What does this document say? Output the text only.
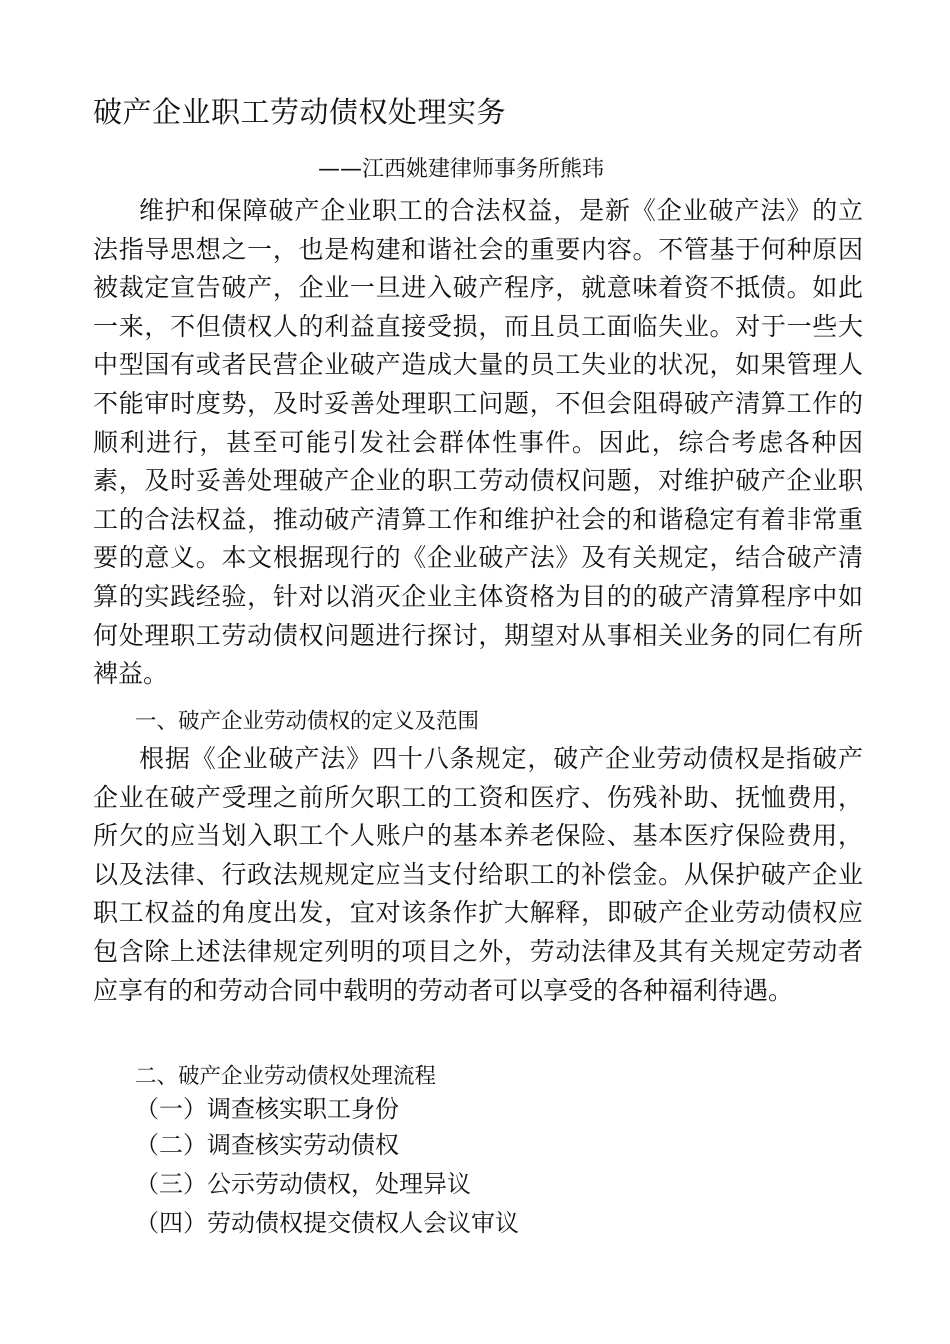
破产企业职工劳动债权处理实务
——江西姚建律师事务所熊玮

维护和保障破产企业职工的合法权益，是新《企业破产法》的立法指导思想之一，也是构建和谐社会的重要内容。不管基于何种原因被裁定宣告破产，企业一旦进入破产程序，就意味着资不抵债。如此一来，不但债权人的利益直接受损，而且员工面临失业。对于一些大中型国有或者民营企业破产造成大量的员工失业的状况，如果管理人不能审时度势，及时妥善处理职工问题，不但会阻碍破产清算工作的顺利进行，甚至可能引发社会群体性事件。因此，综合考虑各种因素，及时妥善处理破产企业的职工劳动债权问题，对维护破产企业职工的合法权益，推动破产清算工作和维护社会的和谐稳定有着非常重要的意义。本文根据现行的《企业破产法》及有关规定，结合破产清算的实践经验，针对以消灭企业主体资格为目的的破产清算程序中如何处理职工劳动债权问题进行探讨，期望对从事相关业务的同仁有所裨益。

一、破产企业劳动债权的定义及范围

根据《企业破产法》四十八条规定，破产企业劳动债权是指破产企业在破产受理之前所欠职工的工资和医疗、伤残补助、抚恤费用，所欠的应当划入职工个人账户的基本养老保险、基本医疗保险费用，以及法律、行政法规规定应当支付给职工的补偿金。从保护破产企业职工权益的角度出发，宜对该条作扩大解释，即破产企业劳动债权应包含除上述法律规定列明的项目之外，劳动法律及其有关规定劳动者应享有的和劳动合同中载明的劳动者可以享受的各种福利待遇。

二、破产企业劳动债权处理流程
（一）调查核实职工身份
（二）调查核实劳动债权
（三）公示劳动债权，处理异议
（四）劳动债权提交债权人会议审议
